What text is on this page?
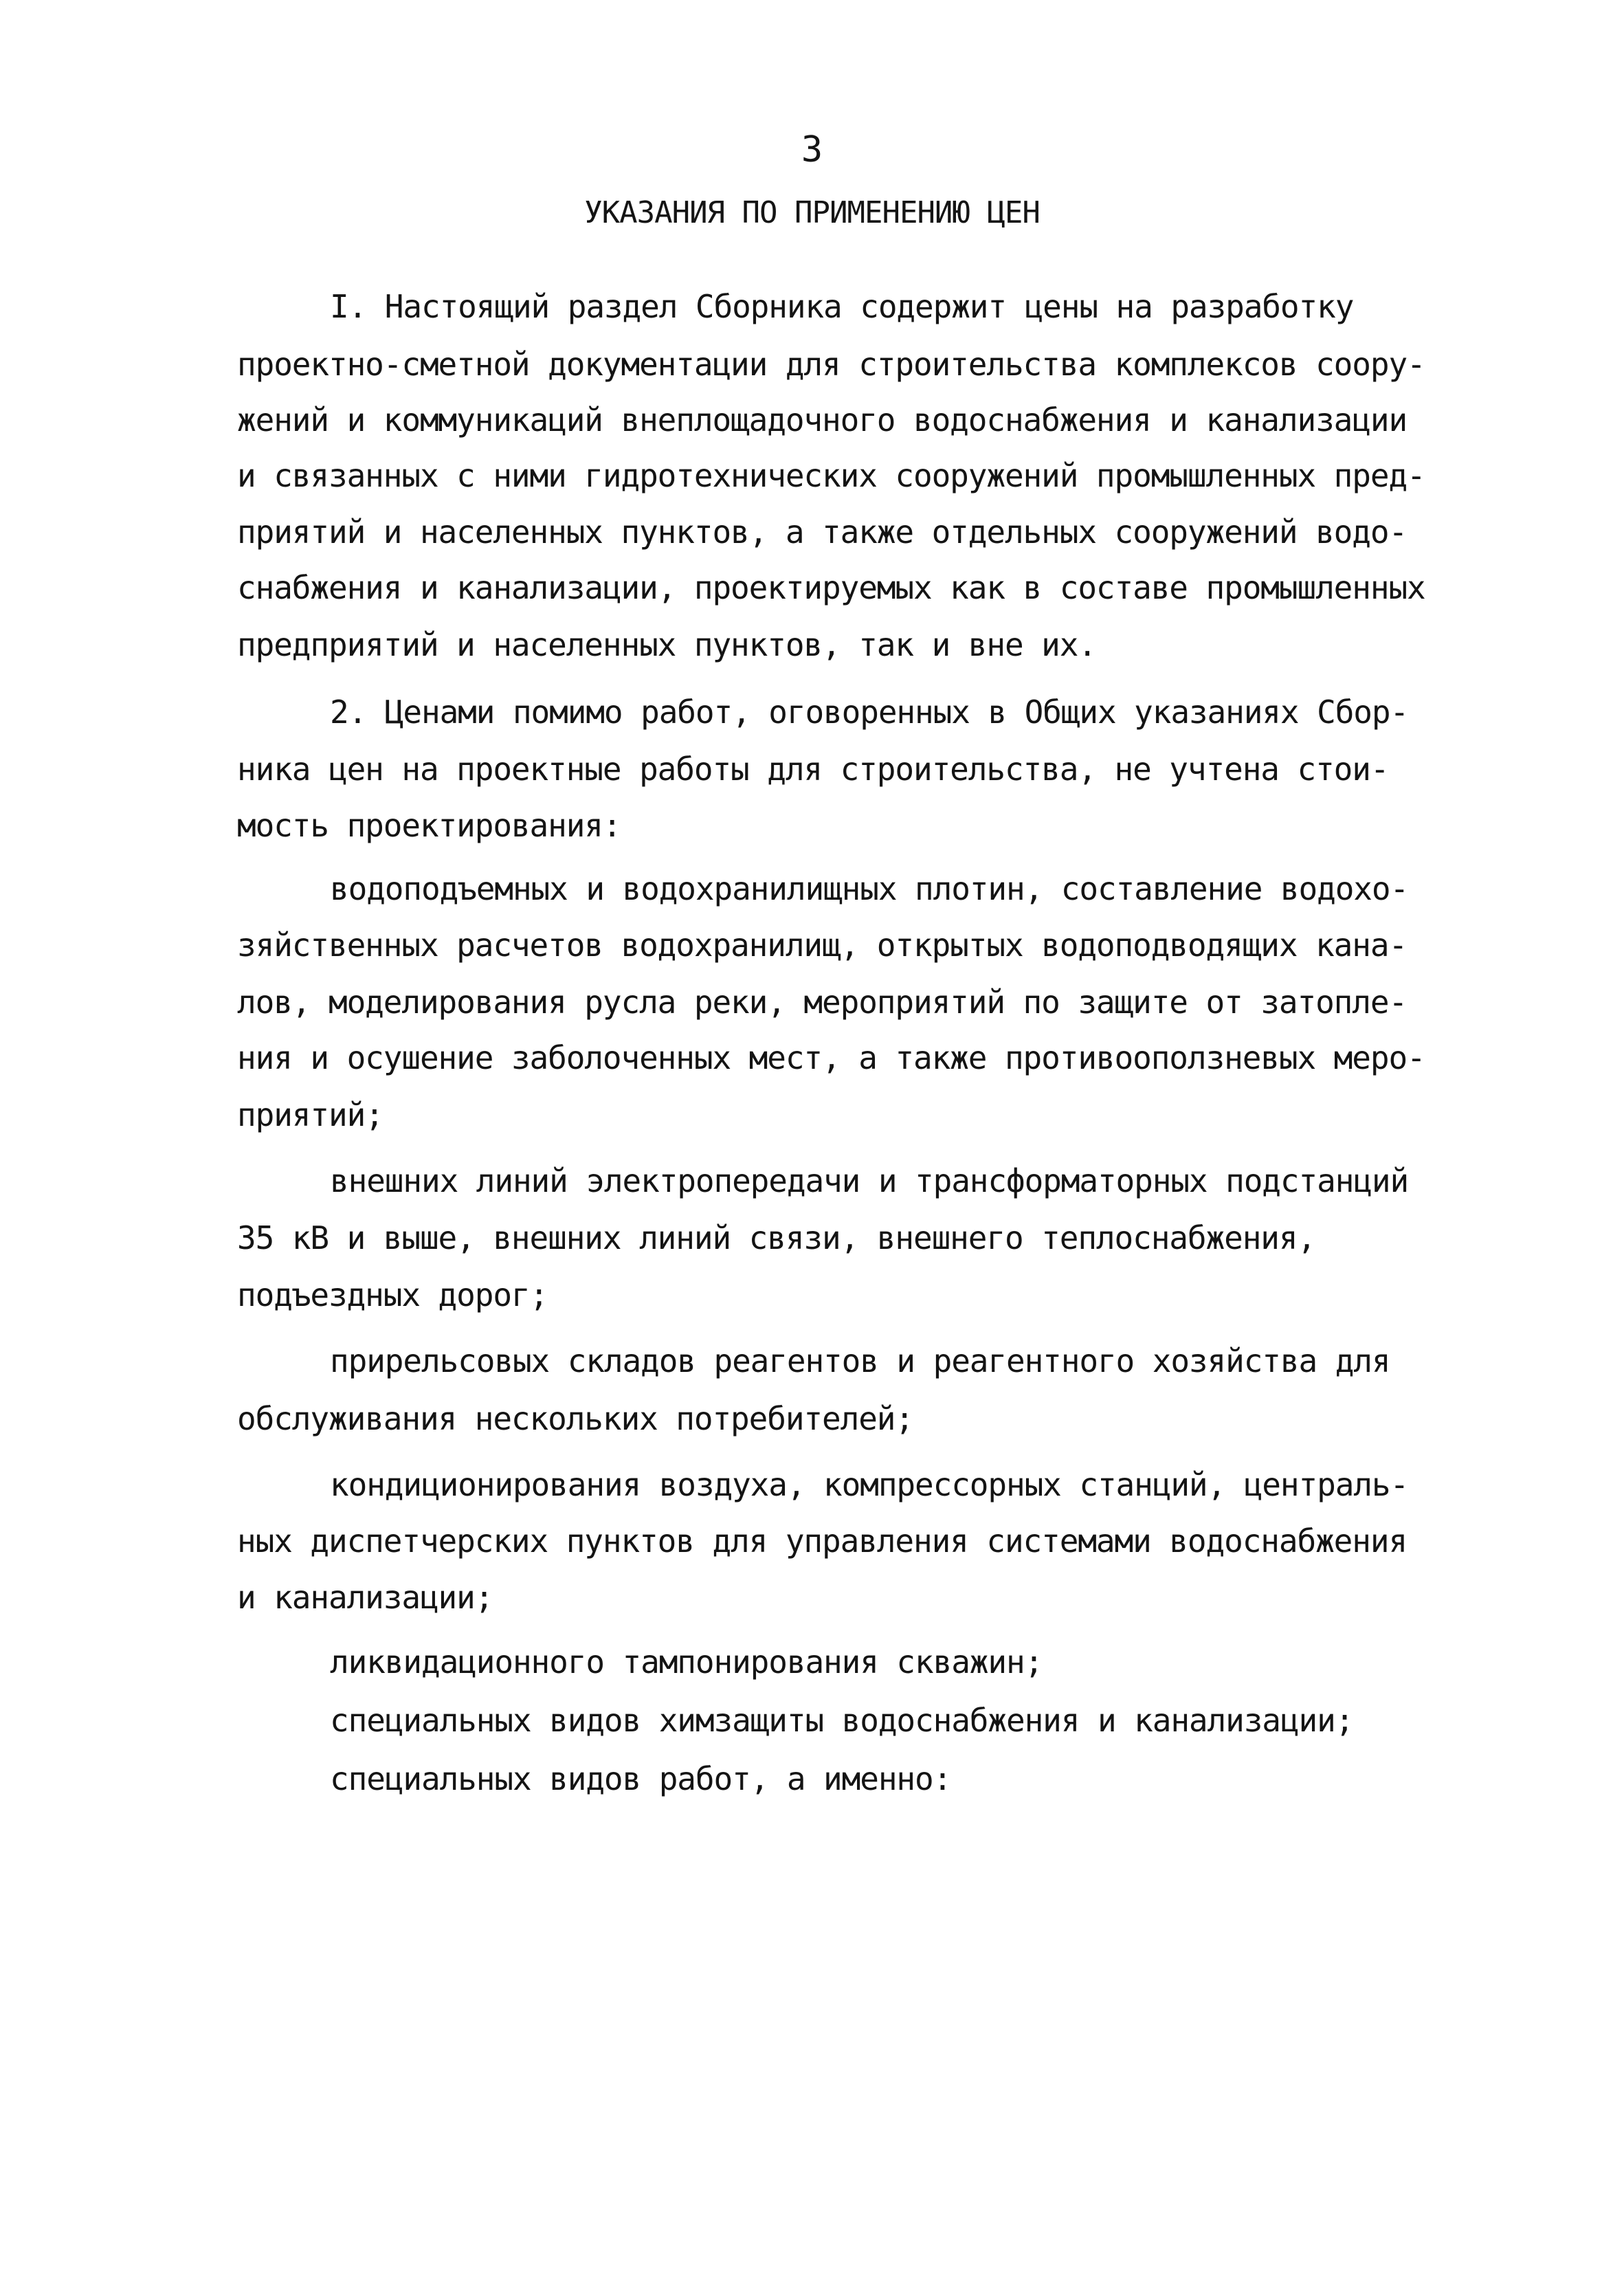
3
УКАЗАНИЯ ПО ПРИМЕНЕНИЮ ЦЕН
I. Настоящий раздел Сборника содержит цены на разработку
проектно-сметной документации для строительства комплексов соору-
жений и коммуникаций внеплощадочного водоснабжения и канализации
и связанных с ними гидротехнических сооружений промышленных пред-
приятий и населенных пунктов, а также отдельных сооружений водо-
снабжения и канализации, проектируемых как в составе промышленных
предприятий и населенных пунктов, так и вне их.
2. Ценами помимо работ, оговоренных в Общих указаниях Сбор-
ника цен на проектные работы для строительства, не учтена стои-
мость проектирования:
водоподъемных и водохранилищных плотин, составление водохо-
зяйственных расчетов водохранилищ, открытых водоподводящих кана-
лов, моделирования русла реки, мероприятий по защите от затопле-
ния и осушение заболоченных мест, а также противооползневых меро-
приятий;
внешних линий электропередачи и трансформаторных подстанций
35 кВ и выше, внешних линий связи, внешнего теплоснабжения,
подъездных дорог;
прирельсовых складов реагентов и реагентного хозяйства для
обслуживания нескольких потребителей;
кондиционирования воздуха, компрессорных станций, централь-
ных диспетчерских пунктов для управления системами водоснабжения
и канализации;
ликвидационного тампонирования скважин;
специальных видов химзащиты водоснабжения и канализации;
специальных видов работ, а именно:
